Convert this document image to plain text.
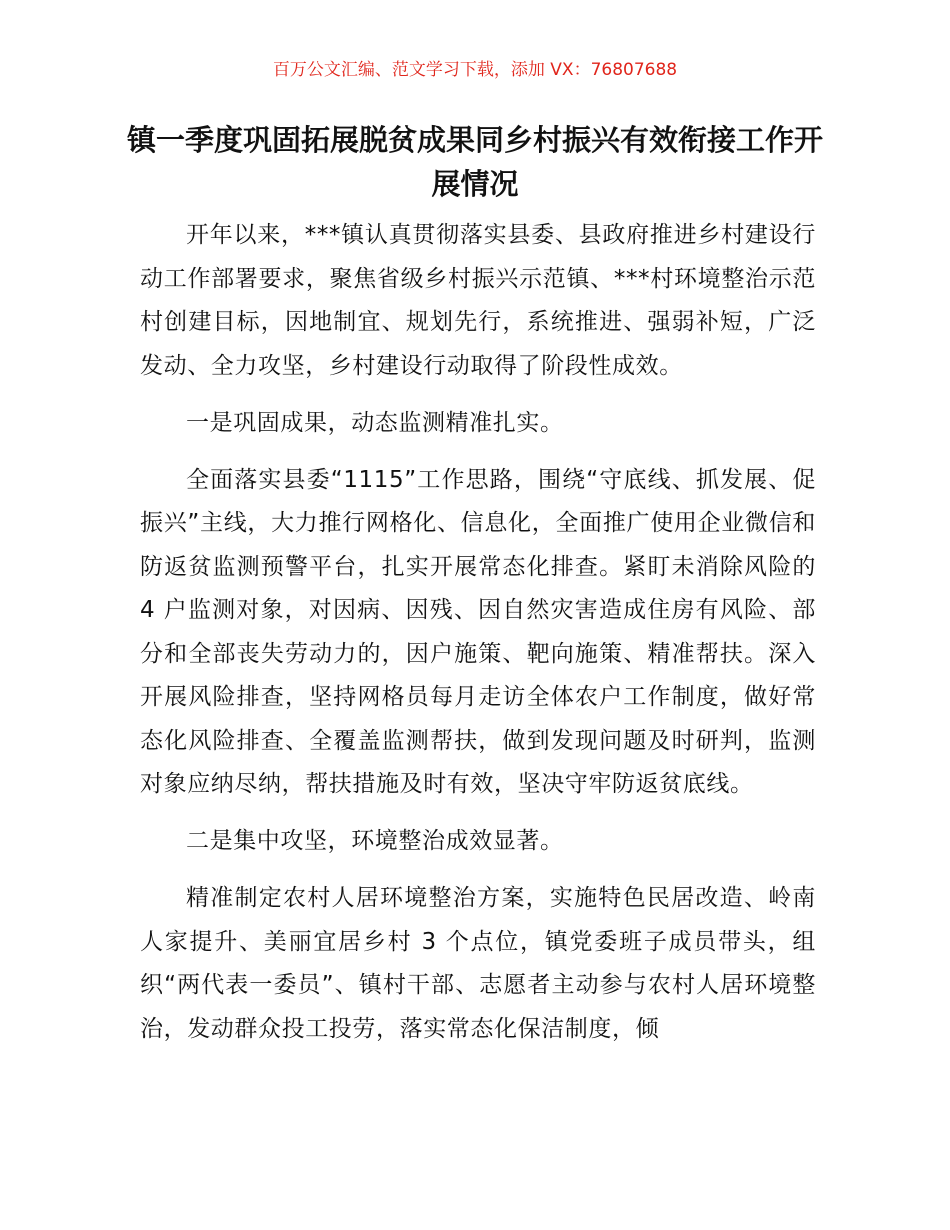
百万公文汇编、范文学习下载，添加 VX：76807688
镇一季度巩固拓展脱贫成果同乡村振兴有效衔接工作开展情况

开年以来，***镇认真贯彻落实县委、县政府推进乡村建设行动工作部署要求，聚焦省级乡村振兴示范镇、***村环境整治示范村创建目标，因地制宜、规划先行，系统推进、强弱补短，广泛发动、全力攻坚，乡村建设行动取得了阶段性成效。

一是巩固成果，动态监测精准扎实。

全面落实县委“1115”工作思路，围绕“守底线、抓发展、促振兴”主线，大力推行网格化、信息化，全面推广使用企业微信和防返贫监测预警平台，扎实开展常态化排查。紧盯未消除风险的 4 户监测对象，对因病、因残、因自然灾害造成住房有风险、部分和全部丧失劳动力的，因户施策、靶向施策、精准帮扶。深入开展风险排查，坚持网格员每月走访全体农户工作制度，做好常态化风险排查、全覆盖监测帮扶，做到发现问题及时研判，监测对象应纳尽纳，帮扶措施及时有效，坚决守牢防返贫底线。

二是集中攻坚，环境整治成效显著。

精准制定农村人居环境整治方案，实施特色民居改造、岭南人家提升、美丽宜居乡村 3 个点位，镇党委班子成员带头，组织“两代表一委员”、镇村干部、志愿者主动参与农村人居环境整治，发动群众投工投劳，落实常态化保洁制度，倾
